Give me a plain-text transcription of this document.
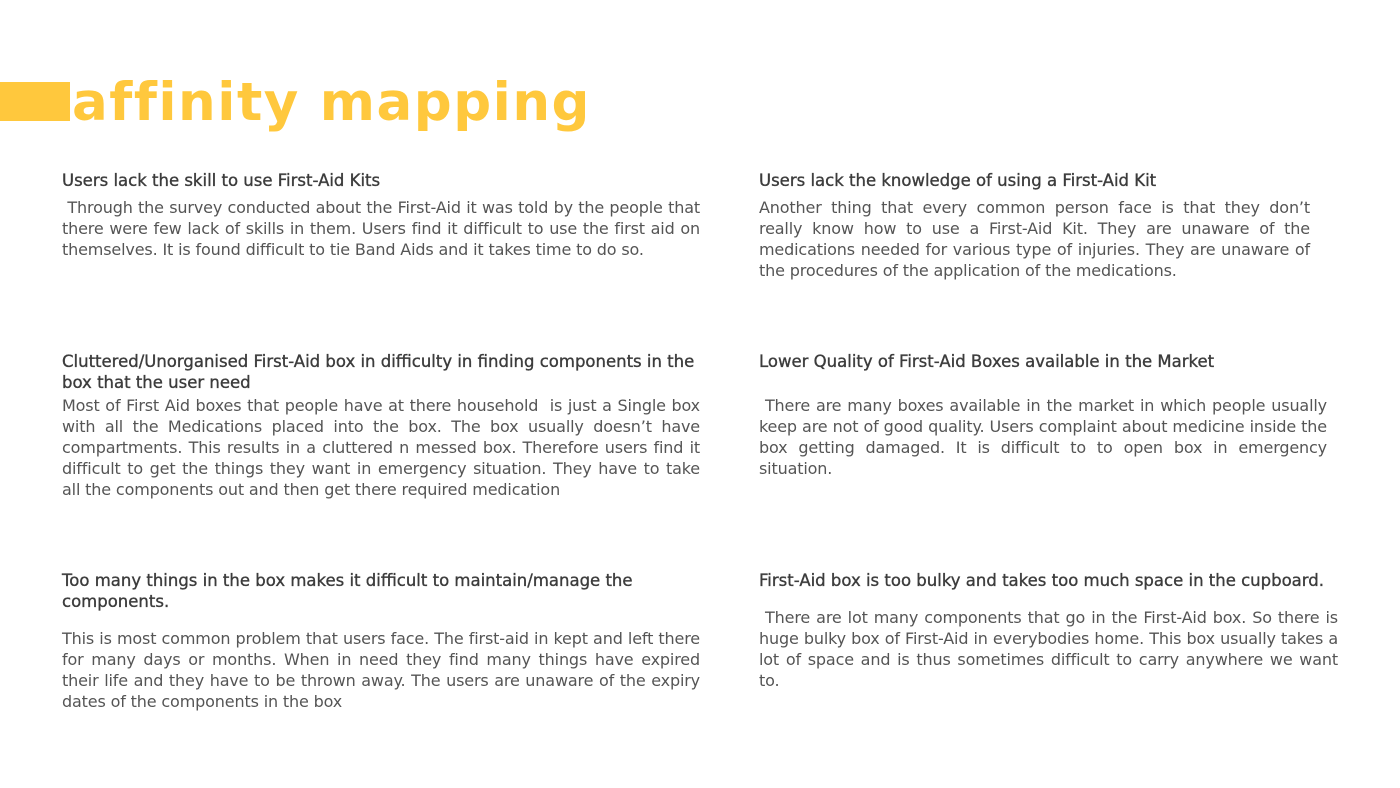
affinity mapping
Users lack the skill to use First-Aid Kits

Through the survey conducted about the First-Aid it was told by the people that there were few lack of skills in them. Users find it difficult to use the first aid on themselves. It is found difficult to tie Band Aids and it takes time to do so.

Users lack the knowledge of using a First-Aid Kit

Another thing that every common person face is that they don’t really know how to use a First-Aid Kit. They are unaware of the medications needed for various type of injuries. They are unaware of the procedures of the application of the medications.

Cluttered/Unorganised First-Aid box in difficulty in finding components in the box that the user need

Most of First Aid boxes that people have at there household  is just a Single box with all the Medications placed into the box. The box usually doesn’t have compartments. This results in a cluttered n messed box. Therefore users find it difficult to get the things they want in emergency situation. They have to take all the components out and then get there required medication

Lower Quality of First-Aid Boxes available in the Market

There are many boxes available in the market in which people usually keep are not of good quality. Users complaint about medicine inside the box getting damaged. It is difficult to to open box in emergency situation.

Too many things in the box makes it difficult to maintain/manage the components.

This is most common problem that users face. The first-aid in kept and left there for many days or months. When in need they find many things have expired their life and they have to be thrown away. The users are unaware of the expiry dates of the components in the box

First-Aid box is too bulky and takes too much space in the cupboard.

There are lot many components that go in the First-Aid box. So there is huge bulky box of First-Aid in everybodies home. This box usually takes a lot of space and is thus sometimes difficult to carry anywhere we want to.
